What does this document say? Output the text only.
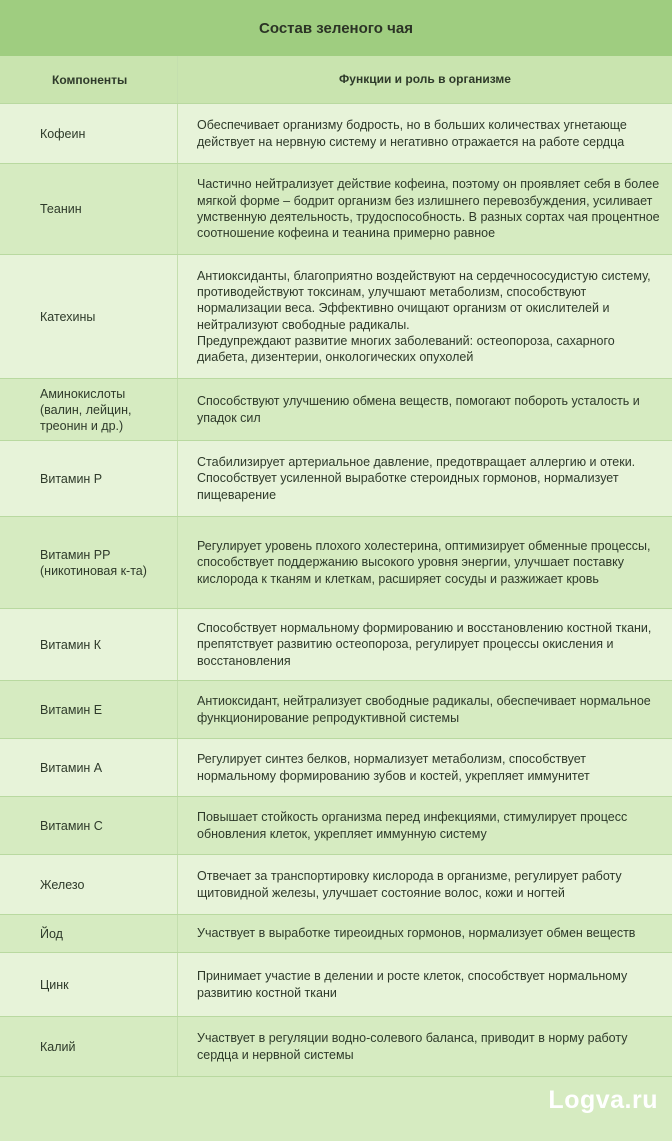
Состав зеленого чая
Компоненты	Функции и роль в организме
Кофеин
Обеспечивает организму бодрость, но в больших количествах угнетающе действует на нервную систему и негативно отражается на работе сердца
Теанин
Частично нейтрализует действие кофеина, поэтому он проявляет себя в более мягкой форме – бодрит организм без излишнего перевозбуждения, усиливает умственную деятельность, трудоспособность. В разных сортах чая процентное соотношение кофеина и теанина примерно равное
Катехины
Антиоксиданты, благоприятно воздействуют на сердечнососудистую систему, противодействуют токсинам, улучшают метаболизм, способствуют нормализации веса. Эффективно очищают организм от окислителей и нейтрализуют свободные радикалы.
Предупреждают развитие многих заболеваний: остеопороза, сахарного диабета, дизентерии, онкологических опухолей
Аминокислоты (валин, лейцин, треонин и др.)
Способствуют улучшению обмена веществ, помогают побороть усталость и упадок сил
Витамин Р
Стабилизирует артериальное давление, предотвращает аллергию и отеки. Способствует усиленной выработке стероидных гормонов, нормализует пищеварение
Витамин РР (никотиновая к-та)
Регулирует уровень плохого холестерина, оптимизирует обменные процессы, способствует поддержанию высокого уровня энергии, улучшает поставку кислорода к тканям и клеткам, расширяет сосуды и разжижает кровь
Витамин К
Способствует нормальному формированию и восстановлению костной ткани, препятствует развитию остеопороза, регулирует процессы окисления и восстановления
Витамин Е
Антиоксидант, нейтрализует свободные радикалы, обеспечивает нормальное функционирование репродуктивной системы
Витамин А
Регулирует синтез белков, нормализует метаболизм, способствует нормальному формированию зубов и костей, укрепляет иммунитет
Витамин С
Повышает стойкость организма перед инфекциями, стимулирует процесс обновления клеток, укрепляет иммунную систему
Железо
Отвечает за транспортировку кислорода в организме, регулирует работу щитовидной железы, улучшает состояние волос, кожи и ногтей
Йод	Участвует в выработке тиреоидных гормонов, нормализует обмен веществ
Цинк
Принимает участие в делении и росте клеток, способствует нормальному развитию костной ткани
Калий
Участвует в регуляции водно-солевого баланса, приводит в норму работу сердца и нервной системы
Logva.ru
